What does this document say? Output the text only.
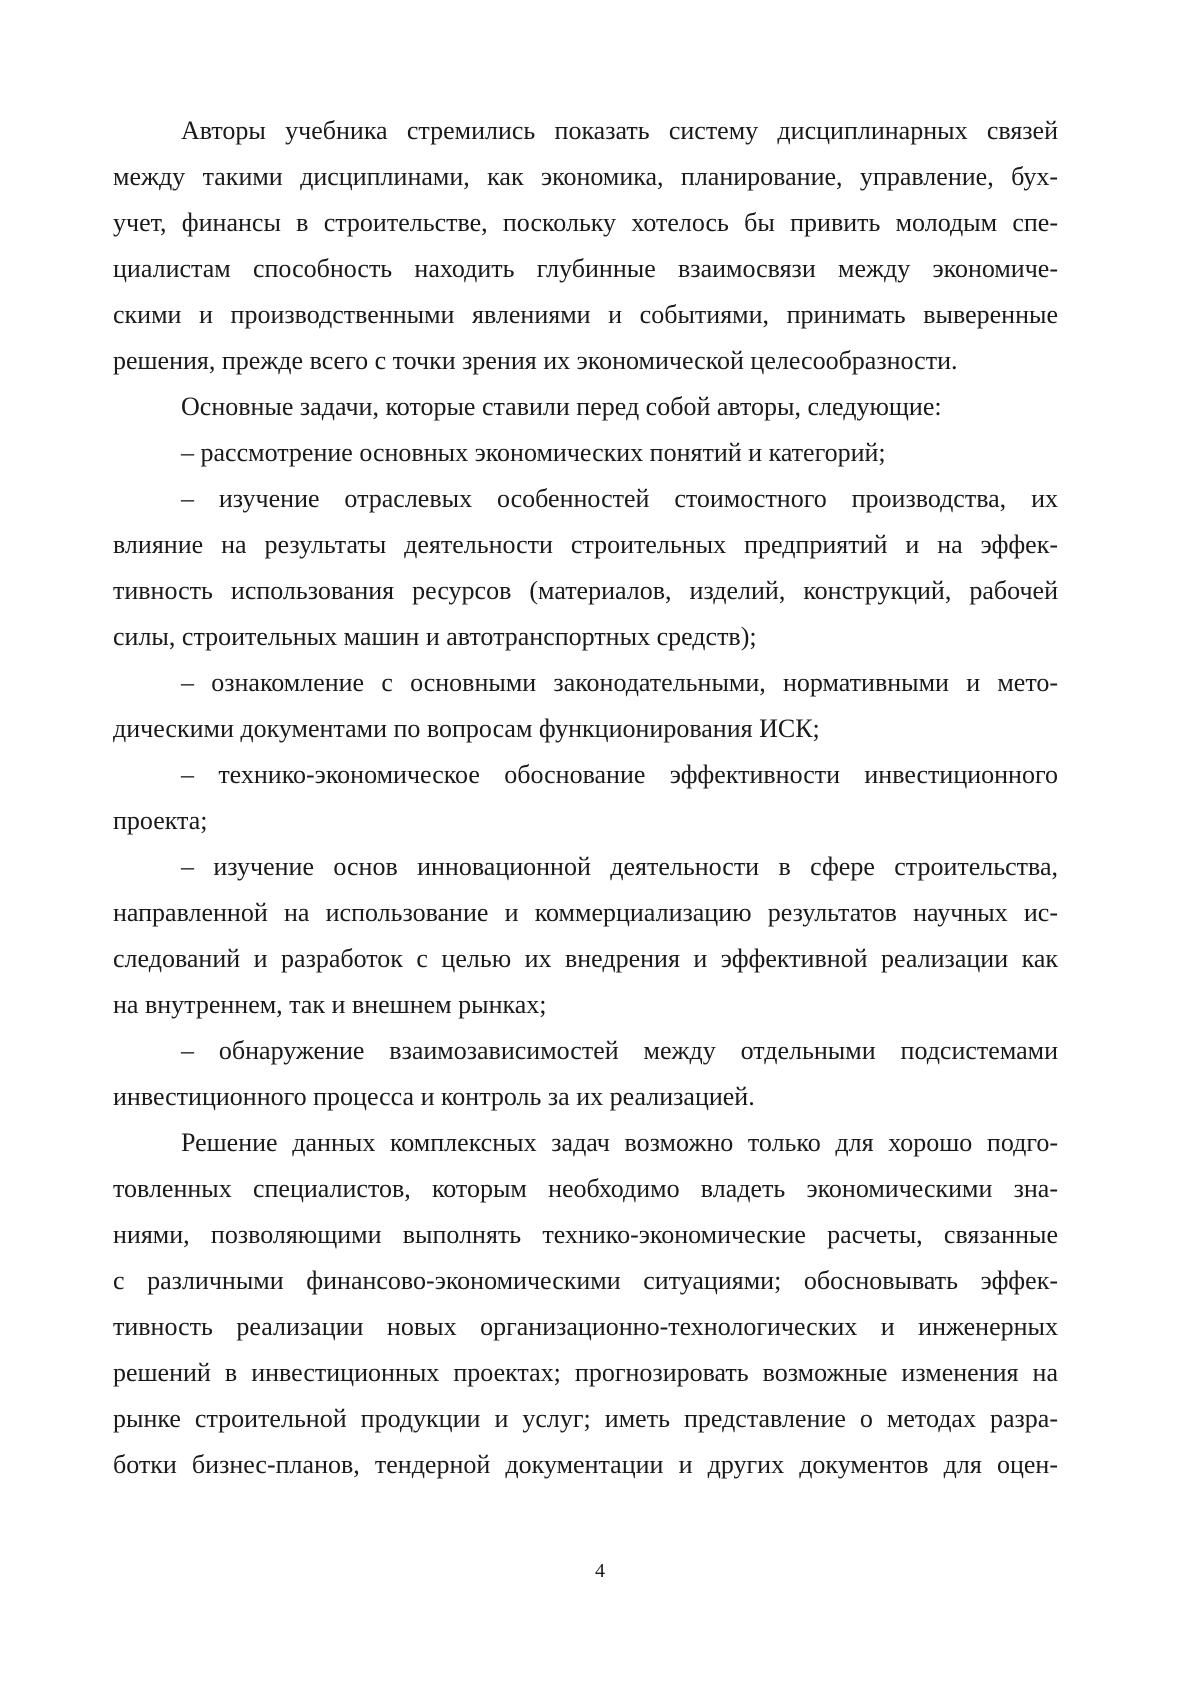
Авторы учебника стремились показать систему дисциплинарных связей
между такими дисциплинами, как экономика, планирование, управление, бух-
учет, финансы в строительстве, поскольку хотелось бы привить молодым спе-
циалистам способность находить глубинные взаимосвязи между экономиче-
скими и производственными явлениями и событиями, принимать выверенные
решения, прежде всего с точки зрения их экономической целесообразности.
Основные задачи, которые ставили перед собой авторы, следующие:
– рассмотрение основных экономических понятий и категорий;
– изучение отраслевых особенностей стоимостного производства, их
влияние на результаты деятельности строительных предприятий и на эффек-
тивность использования ресурсов (материалов, изделий, конструкций, рабочей
силы, строительных машин и автотранспортных средств);
– ознакомление с основными законодательными, нормативными и мето-
дическими документами по вопросам функционирования ИСК;
– технико-экономическое обоснование эффективности инвестиционного
проекта;
– изучение основ инновационной деятельности в сфере строительства,
направленной на использование и коммерциализацию результатов научных ис-
следований и разработок с целью их внедрения и эффективной реализации как
на внутреннем, так и внешнем рынках;
– обнаружение взаимозависимостей между отдельными подсистемами
инвестиционного процесса и контроль за их реализацией.
Решение данных комплексных задач возможно только для хорошо подго-
товленных специалистов, которым необходимо владеть экономическими зна-
ниями, позволяющими выполнять технико-экономические расчеты, связанные
с различными финансово-экономическими ситуациями; обосновывать эффек-
тивность реализации новых организационно-технологических и инженерных
решений в инвестиционных проектах; прогнозировать возможные изменения на
рынке строительной продукции и услуг; иметь представление о методах разра-
ботки бизнес-планов, тендерной документации и других документов для оцен-
4
